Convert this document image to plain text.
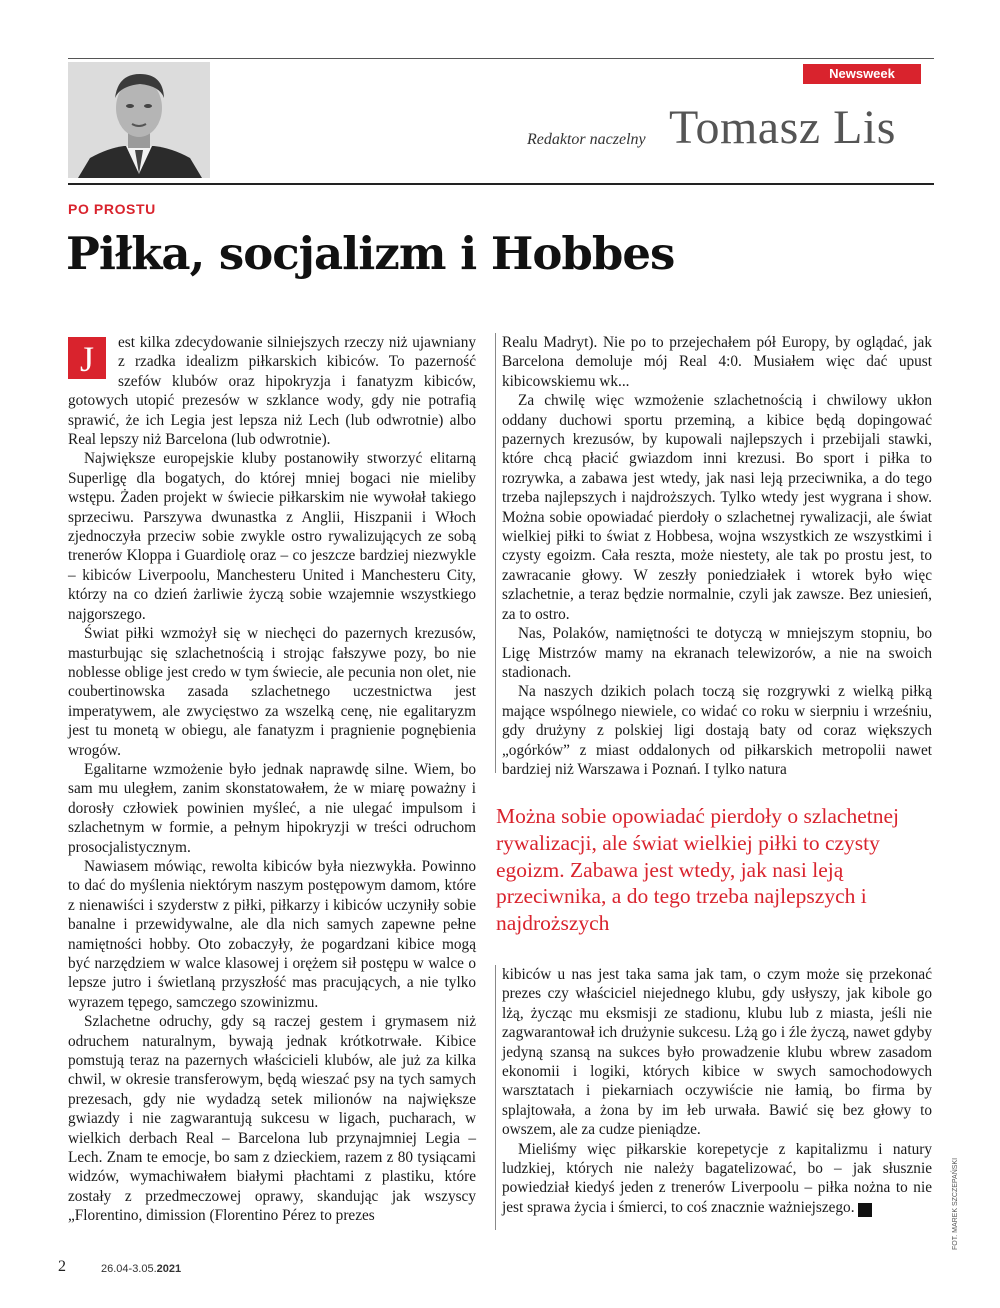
Newsweek
Redaktor naczelny Tomasz Lis
PO PROSTU
Piłka, socjalizm i Hobbes

J	est kilka zdecydowanie silniejszych rzeczy niż ujawniany z rzadka idealizm piłkarskich kibiców. To pazerność szefów klubów oraz hipokryzja i fanatyzm kibiców, gotowych utopić prezesów w szklance wody, gdy nie potrafią sprawić, że ich Legia jest lepsza niż Lech (lub odwrotnie) albo Real lepszy niż Barcelona (lub odwrotnie).

Największe europejskie kluby postanowiły stworzyć elitarną Superligę dla bogatych, do której mniej bogaci nie mieliby wstępu. Żaden projekt w świecie piłkarskim nie wywołał takiego sprzeciwu. Parszywa dwunastka z Anglii, Hiszpanii i Włoch zjednoczyła przeciw sobie zwykle ostro rywalizujących ze sobą trenerów Kloppa i Guardiolę oraz – co jeszcze bardziej niezwykle – kibiców Liverpoolu, Manchesteru United i Manchesteru City, którzy na co dzień żarliwie życzą sobie wzajemnie wszystkiego najgorszego.

Świat piłki wzmożył się w niechęci do pazernych krezusów, masturbując się szlachetnością i strojąc fałszywe pozy, bo nie noblesse oblige jest credo w tym świecie, ale pecunia non olet, nie coubertinowska zasada szlachetnego uczestnictwa jest imperatywem, ale zwycięstwo za wszelką cenę, nie egalitaryzm jest tu monetą w obiegu, ale fanatyzm i pragnienie pognębienia wrogów.

Egalitarne wzmożenie było jednak naprawdę silne. Wiem, bo sam mu uległem, zanim skonstatowałem, że w miarę poważny i dorosły człowiek powinien myśleć, a nie ulegać impulsom i szlachetnym w formie, a pełnym hipokryzji w treści odruchom prosocjalistycznym.

Nawiasem mówiąc, rewolta kibiców była niezwykła. Powinno to dać do myślenia niektórym naszym postępowym damom, które z nienawiści i szyderstw z piłki, piłkarzy i kibiców uczyniły sobie banalne i przewidywalne, ale dla nich samych zapewne pełne namiętności hobby. Oto zobaczyły, że pogardzani kibice mogą być narzędziem w walce klasowej i orężem sił postępu w walce o lepsze jutro i świetlaną przyszłość mas pracujących, a nie tylko wyrazem tępego, samczego szowinizmu.

Szlachetne odruchy, gdy są raczej gestem i grymasem niż odruchem naturalnym, bywają jednak krótkotrwałe. Kibice pomstują teraz na pazernych właścicieli klubów, ale już za kilka chwil, w okresie transferowym, będą wieszać psy na tych samych prezesach, gdy nie wydadzą setek milionów na największe gwiazdy i nie zagwarantują sukcesu w ligach, pucharach, w wielkich derbach Real – Barcelona lub przynajmniej Legia – Lech. Znam te emocje, bo sam z dzieckiem, razem z 80 tysiącami widzów, wymachiwałem białymi płachtami z plastiku, które zostały z przedmeczowej oprawy, skandując jak wszyscy „Florentino, dimission (Florentino Pérez to prezes

Realu Madryt). Nie po to przejechałem pół Europy, by oglądać, jak Barcelona demoluje mój Real 4:0. Musiałem więc dać upust kibicowskiemu wk...

Za chwilę więc wzmożenie szlachetnością i chwilowy ukłon oddany duchowi sportu przeminą, a kibice będą dopingować pazernych krezusów, by kupowali najlepszych i przebijali stawki, które chcą płacić gwiazdom inni krezusi. Bo sport i piłka to rozrywka, a zabawa jest wtedy, jak nasi leją przeciwnika, a do tego trzeba najlepszych i najdroższych. Tylko wtedy jest wygrana i show. Można sobie opowiadać pierdoły o szlachetnej rywalizacji, ale świat wielkiej piłki to świat z Hobbesa, wojna wszystkich ze wszystkimi i czysty egoizm. Cała reszta, może niestety, ale tak po prostu jest, to zawracanie głowy. W zeszły poniedziałek i wtorek było więc szlachetnie, a teraz będzie normalnie, czyli jak zawsze. Bez uniesień, za to ostro.

Nas, Polaków, namiętności te dotyczą w mniejszym stopniu, bo Ligę Mistrzów mamy na ekranach telewizorów, a nie na swoich stadionach.

Na naszych dzikich polach toczą się rozgrywki z wielką piłką mające wspólnego niewiele, co widać co roku w sierpniu i wrześniu, gdy drużyny z polskiej ligi dostają baty od coraz większych „ogórków” z miast oddalonych od piłkarskich metropolii nawet bardziej niż Warszawa i Poznań. I tylko natura

Można sobie opowiadać pierdoły o szlachetnej rywalizacji, ale świat wielkiej piłki to czysty egoizm. Zabawa jest wtedy, jak nasi leją przeciwnika, a do tego trzeba najlepszych i najdroższych

kibiców u nas jest taka sama jak tam, o czym może się przekonać prezes czy właściciel niejednego klubu, gdy usłyszy, jak kibole go lżą, życząc mu eksmisji ze stadionu, klubu lub z miasta, jeśli nie zagwarantował ich drużynie sukcesu. Lżą go i źle życzą, nawet gdyby jedyną szansą na sukces było prowadzenie klubu wbrew zasadom ekonomii i logiki, których kibice w swych samochodowych warsztatach i piekarniach oczywiście nie łamią, bo firma by splajtowała, a żona by im łeb urwała. Bawić się bez głowy to owszem, ale za cudze pieniądze.

Mieliśmy więc piłkarskie korepetycje z kapitalizmu i natury ludzkiej, których nie należy bagatelizować, bo – jak słusznie powiedział kiedyś jeden z trenerów Liverpoolu – piłka nożna to nie jest sprawa życia i śmierci, to coś znacznie ważniejszego. N

2	26.04-3.05.2021
FOT. MAREK SZCZEPAŃSKI
